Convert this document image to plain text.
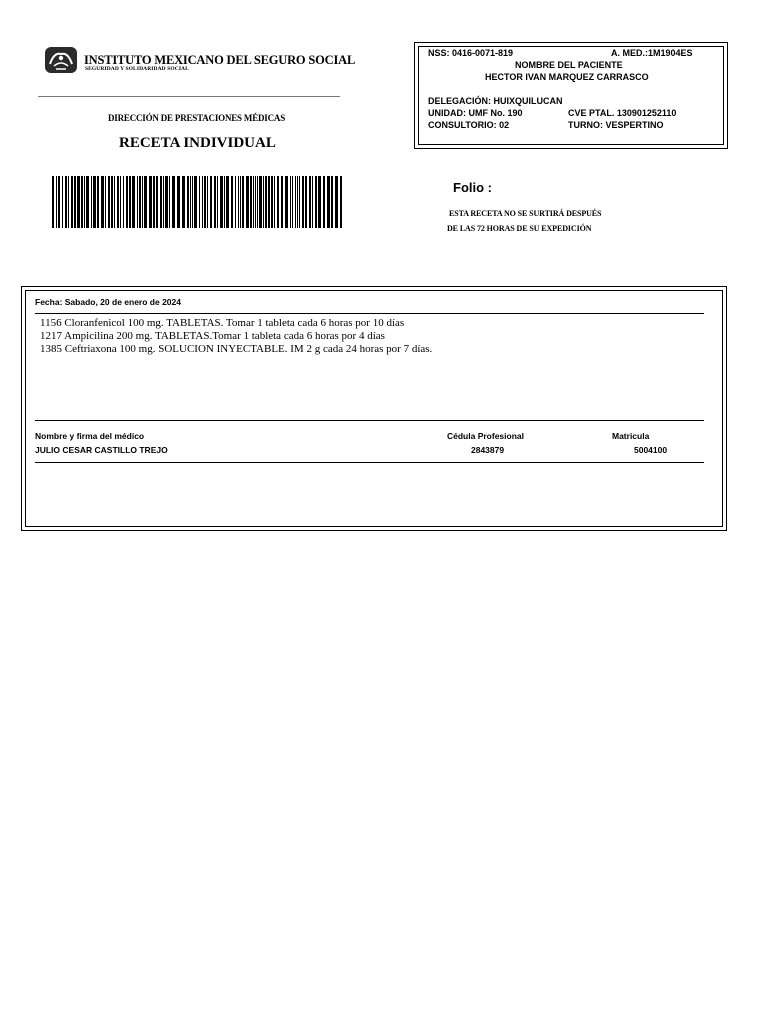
INSTITUTO MEXICANO DEL SEGURO SOCIAL
SEGURIDAD Y SOLIDARIDAD SOCIAL
DIRECCIÓN DE PRESTACIONES MÉDICAS
RECETA INDIVIDUAL
NSS: 0416-0071-819	A. MED.:1M1904ES
NOMBRE DEL PACIENTE
HECTOR IVAN MARQUEZ CARRASCO
DELEGACIÓN: HUIXQUILUCAN
UNIDAD: UMF No. 190	CVE PTAL. 130901252110
CONSULTORIO: 02	TURNO: VESPERTINO
Folio :
ESTA RECETA NO SE SURTIRÁ DESPUÉS
DE LAS 72 HORAS DE SU EXPEDICIÓN
Fecha: Sabado, 20 de enero de 2024
1156 Cloranfenicol 100 mg. TABLETAS. Tomar 1 tableta cada 6 horas por 10 días
1217 Ampicilina 200 mg. TABLETAS.Tomar 1 tableta cada 6 horas por 4 días
1385 Ceftriaxona 100 mg. SOLUCION INYECTABLE. IM 2 g cada 24 horas por 7 días.
Nombre y firma del médico	Cédula Profesional	Matricula
JULIO CESAR CASTILLO TREJO	2843879	5004100
